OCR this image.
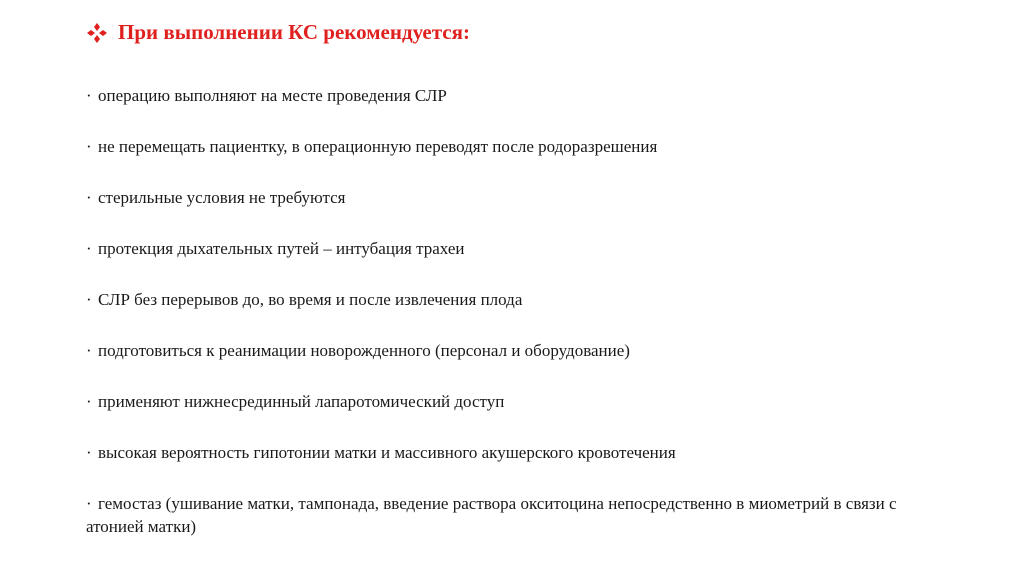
При выполнении КС рекомендуется:
· операцию выполняют на месте проведения СЛР
· не перемещать пациентку, в операционную переводят после родоразрешения
· стерильные условия не требуются
· протекция дыхательных путей – интубация трахеи
· СЛР без перерывов до, во время и после извлечения плода
· подготовиться к реанимации новорожденного (персонал и оборудование)
· применяют нижнесрединный лапаротомический доступ
· высокая вероятность гипотонии матки и массивного акушерского кровотечения
· гемостаз (ушивание матки, тампонада, введение раствора окситоцина непосредственно в миометрий в связи с атонией матки)
